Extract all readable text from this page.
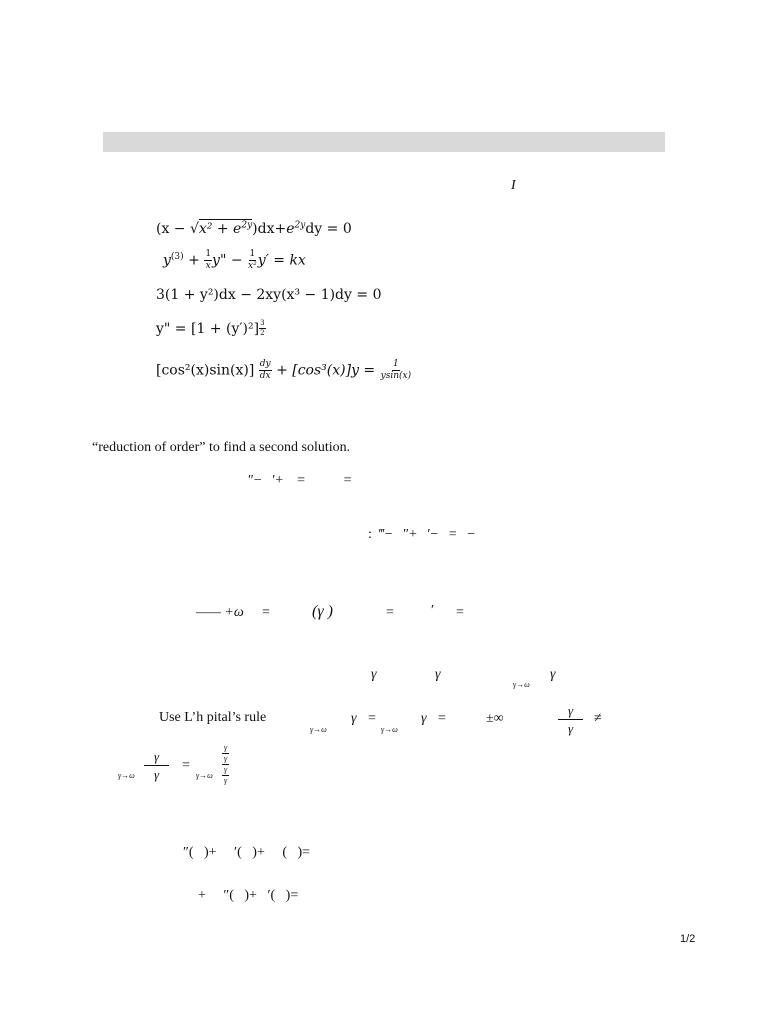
I
$(x - √x^2 + e^{2y})dx+e^{2y}dy = 0$
$y^{(3)} + \frac{1}{x} y$" − $\frac{1}{\text{x²}} y'$ = kx
3(1 + y²)dx − 2xy(x³ − 1)dy = 0
y" = $[1 + (y')^2] \frac{3}{2}$
$[\cos^2(x)\sin(x)] \frac{dy}{dx} + [\cos^3(x)]y = \frac{1}{ysin(x)}$
“reduction of order” to find a second solution.
″−   ′+    =           =
:  ‴−   ″+   ′−   =   −
—— +ω =	(γ )	=	′ =
γ	γ
γ→ω
γ
Use L’h pital’s rule
γ→ω
γ =
γ→ω
γ =	±∞	$\frac{\gamma}{\gamma}$ ≠
$\gamma\to\omega \frac{\gamma}{\gamma}$ =
γ→ω
γ
γ
γ
γ
″(   )+     ′(   )+     (   )=
+     ″(   )+   ′(   )=
1/2
